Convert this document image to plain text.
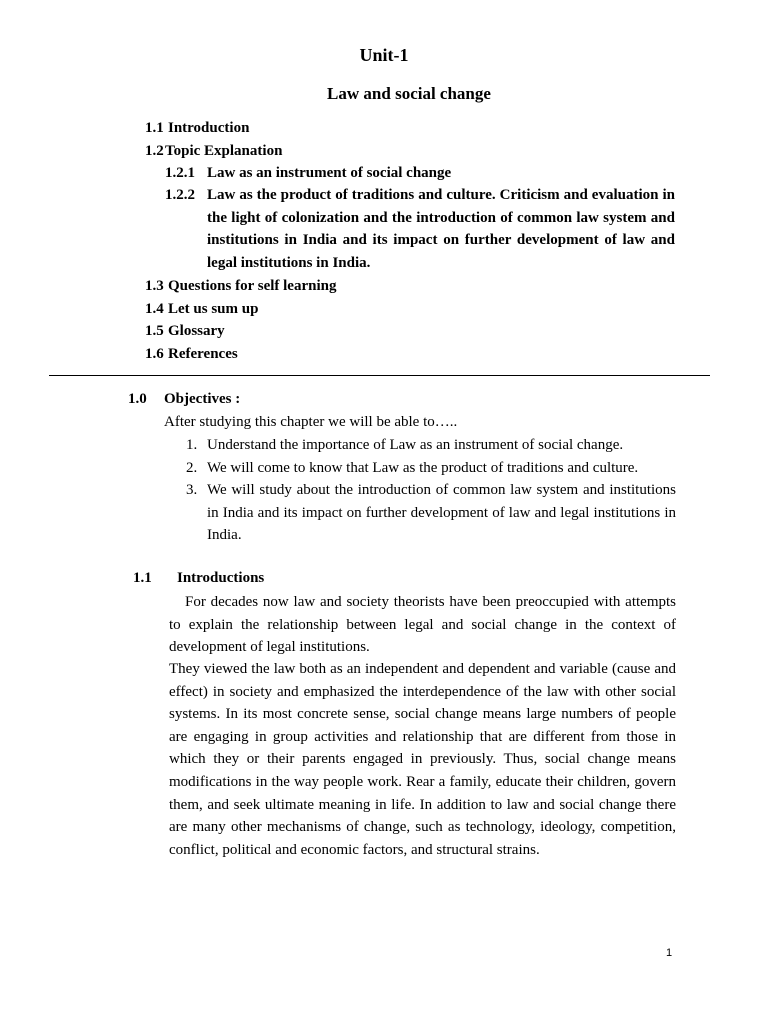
Unit-1
Law and social change
1.1 Introduction
1.2 Topic Explanation
1.2.1 Law as an instrument of social change
1.2.2 Law as the product of traditions and culture. Criticism and evaluation in the light of colonization and the introduction of common law system and institutions in India and its impact on further development of law and legal institutions in India.
1.3 Questions for self learning
1.4 Let us sum up
1.5 Glossary
1.6 References
1.0 Objectives :
After studying this chapter we will be able to…..
1. Understand the importance of Law as an instrument of social change.
2. We will come to know that Law as the product of traditions and culture.
3. We will study about the introduction of common law system and institutions in India and its impact on further development of law and legal institutions in India.
1.1 Introductions

For decades now law and society theorists have been preoccupied with attempts to explain the relationship between legal and social change in the context of development of legal institutions.

They viewed the law both as an independent and dependent and variable (cause and effect) in society and emphasized the interdependence of the law with other social systems. In its most concrete sense, social change means large numbers of people are engaging in group activities and relationship that are different from those in which they or their parents engaged in previously. Thus, social change means modifications in the way people work. Rear a family, educate their children, govern them, and seek ultimate meaning in life. In addition to law and social change there are many other mechanisms of change, such as technology, ideology, competition, conflict, political and economic factors, and structural strains.

1
